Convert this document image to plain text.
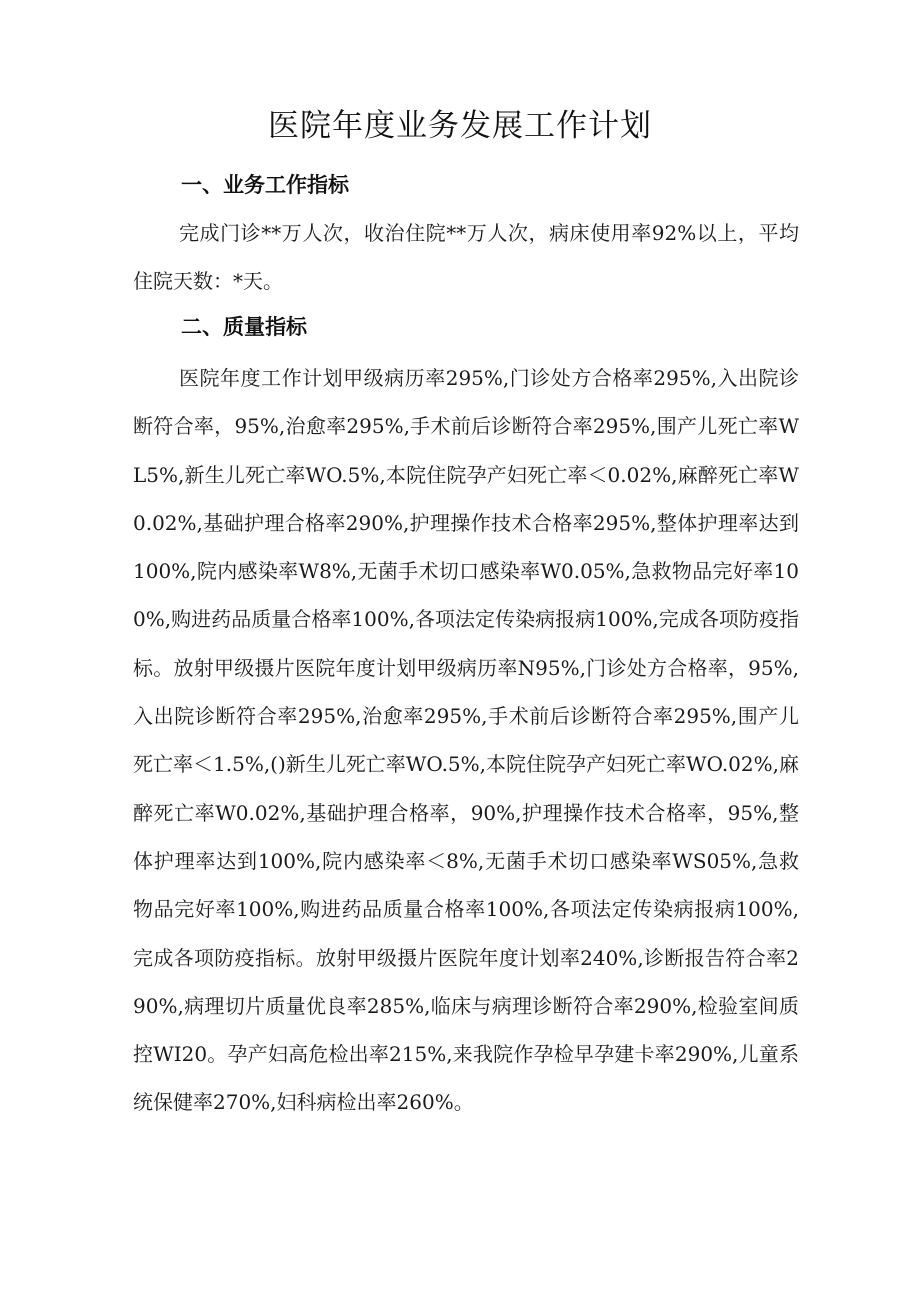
医院年度业务发展工作计划
一、业务工作指标

完成门诊**万人次，收治住院**万人次，病床使用率92%以上，平均住院天数：*天。

二、质量指标

医院年度工作计划甲级病历率295%,门诊处方合格率295%,入出院诊断符合率，95%,治愈率295%,手术前后诊断符合率295%,围产儿死亡率WL5%,新生儿死亡率WO.5%,本院住院孕产妇死亡率＜0.02%,麻醉死亡率W0.02%,基础护理合格率290%,护理操作技术合格率295%,整体护理率达到100%,院内感染率W8%,无菌手术切口感染率W0.05%,急救物品完好率100%,购进药品质量合格率100%,各项法定传染病报病100%,完成各项防疫指标。放射甲级摄片医院年度计划甲级病历率N95%,门诊处方合格率，95%,入出院诊断符合率295%,治愈率295%,手术前后诊断符合率295%,围产儿死亡率＜1.5%,()新生儿死亡率WO.5%,本院住院孕产妇死亡率WO.02%,麻醉死亡率W0.02%,基础护理合格率，90%,护理操作技术合格率，95%,整体护理率达到100%,院内感染率＜8%,无菌手术切口感染率WS05%,急救物品完好率100%,购进药品质量合格率100%,各项法定传染病报病100%,完成各项防疫指标。放射甲级摄片医院年度计划率240%,诊断报告符合率290%,病理切片质量优良率285%,临床与病理诊断符合率290%,检验室间质控WI20。孕产妇高危检出率215%,来我院作孕检早孕建卡率290%,儿童系统保健率270%,妇科病检出率260%。
